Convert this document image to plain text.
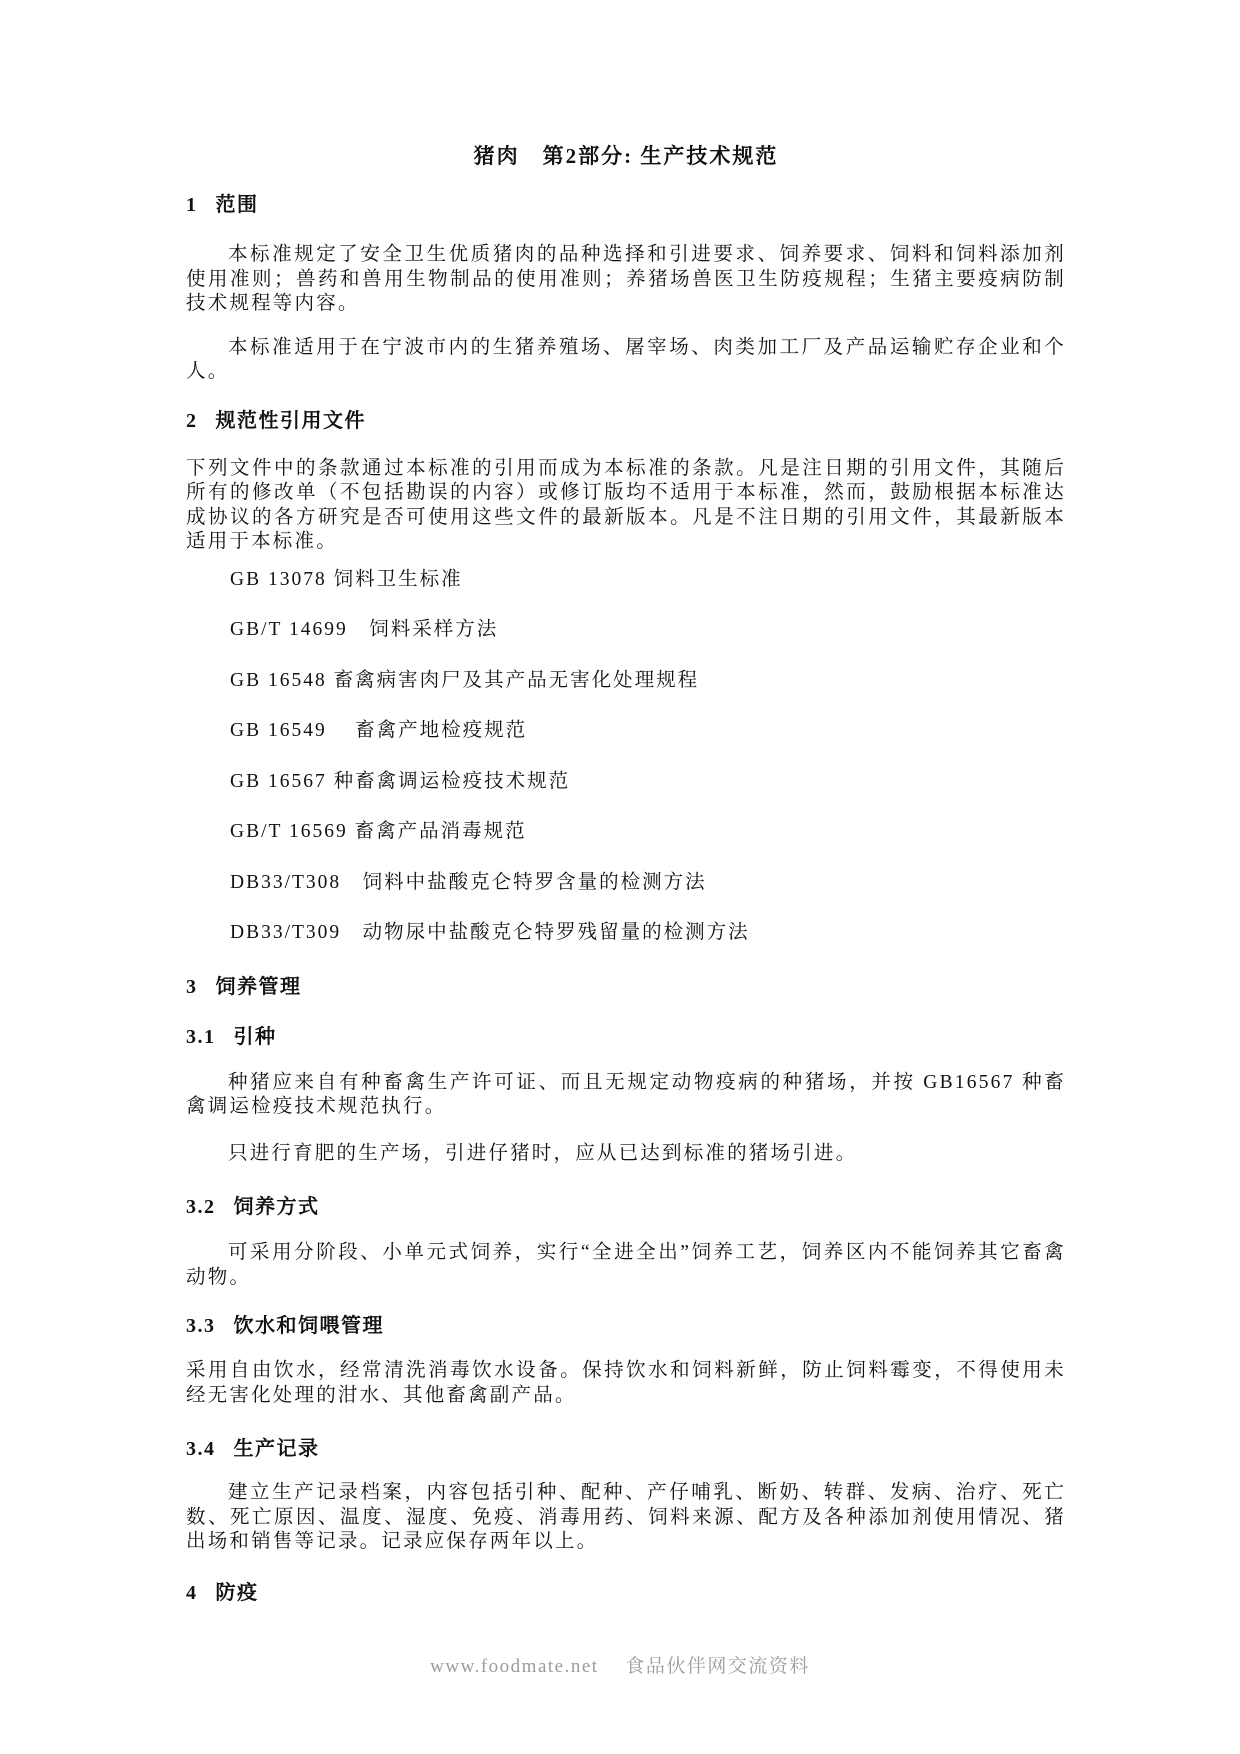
猪肉　第2部分: 生产技术规范
1 范围

本标准规定了安全卫生优质猪肉的品种选择和引进要求、饲养要求、饲料和饲料添加剂使用准则；兽药和兽用生物制品的使用准则；养猪场兽医卫生防疫规程；生猪主要疫病防制技术规程等内容。

本标准适用于在宁波市内的生猪养殖场、屠宰场、肉类加工厂及产品运输贮存企业和个人。

2 规范性引用文件

下列文件中的条款通过本标准的引用而成为本标准的条款。凡是注日期的引用文件，其随后所有的修改单（不包括勘误的内容）或修订版均不适用于本标准，然而，鼓励根据本标准达成协议的各方研究是否可使用这些文件的最新版本。凡是不注日期的引用文件，其最新版本适用于本标准。

GB 13078 饲料卫生标准

GB/T 14699　饲料采样方法

GB 16548 畜禽病害肉尸及其产品无害化处理规程

GB 16549　 畜禽产地检疫规范

GB 16567 种畜禽调运检疫技术规范

GB/T 16569 畜禽产品消毒规范

DB33/T308　饲料中盐酸克仑特罗含量的检测方法

DB33/T309　动物尿中盐酸克仑特罗残留量的检测方法

3 饲养管理
3.1 引种

种猪应来自有种畜禽生产许可证、而且无规定动物疫病的种猪场，并按 GB16567 种畜禽调运检疫技术规范执行。

只进行育肥的生产场，引进仔猪时，应从已达到标准的猪场引进。

3.2 饲养方式

可采用分阶段、小单元式饲养，实行“全进全出”饲养工艺，饲养区内不能饲养其它畜禽动物。

3.3 饮水和饲喂管理

采用自由饮水，经常清洗消毒饮水设备。保持饮水和饲料新鲜，防止饲料霉变，不得使用未经无害化处理的泔水、其他畜禽副产品。

3.4 生产记录

建立生产记录档案，内容包括引种、配种、产仔哺乳、断奶、转群、发病、治疗、死亡数、死亡原因、温度、湿度、免疫、消毒用药、饲料来源、配方及各种添加剂使用情况、猪出场和销售等记录。记录应保存两年以上。

4 防疫
www.foodmate.net　 食品伙伴网交流资料
